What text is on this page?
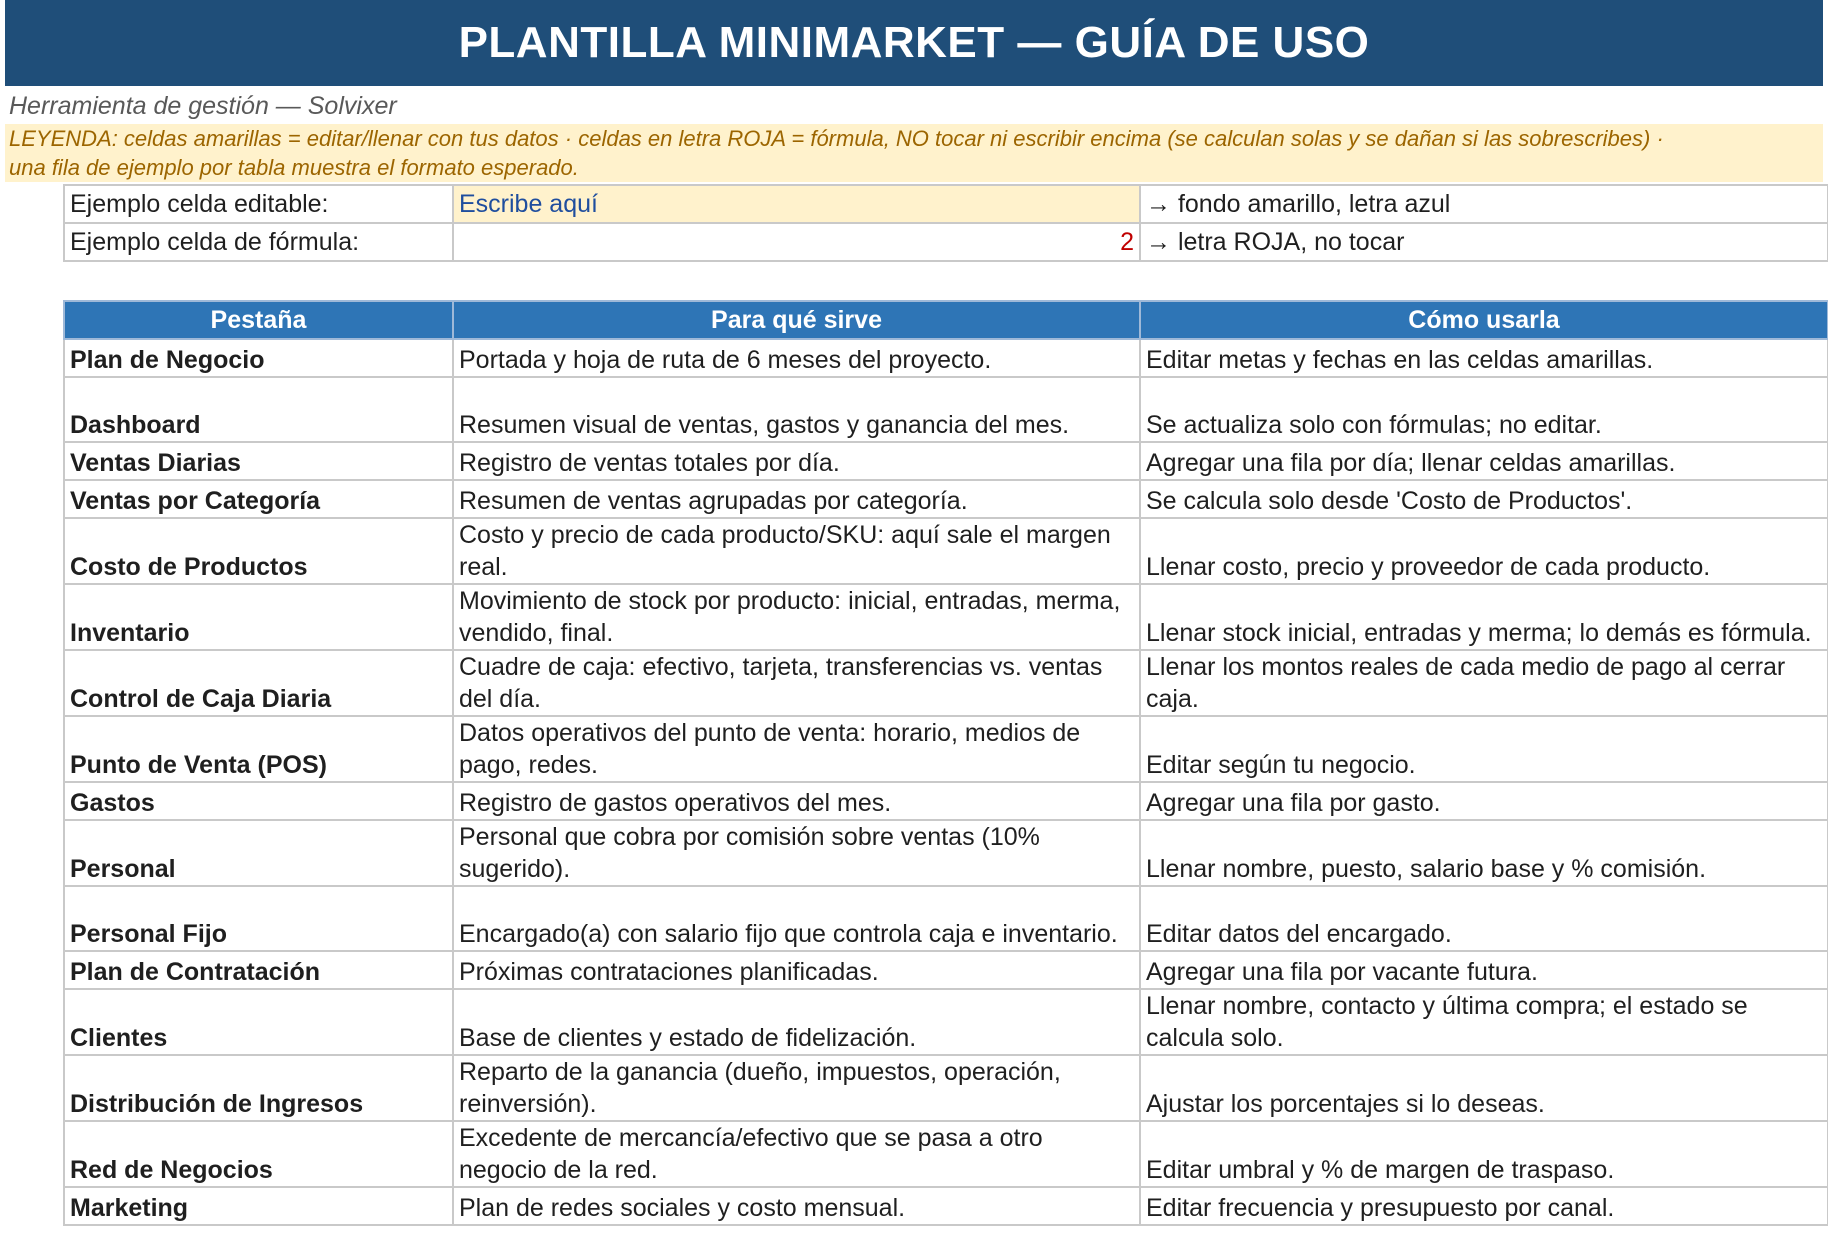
PLANTILLA MINIMARKET — GUÍA DE USO
Herramienta de gestión — Solvixer
LEYENDA: celdas amarillas = editar/llenar con tus datos · celdas en letra ROJA = fórmula, NO tocar ni escribir encima (se calculan solas y se dañan si las sobrescribes) ·
una fila de ejemplo por tabla muestra el formato esperado.
Ejemplo celda editable:	Escribe aquí	→ fondo amarillo, letra azul
Ejemplo celda de fórmula:	2	→ letra ROJA, no tocar
Pestaña	Para qué sirve	Cómo usarla
Plan de Negocio	Portada y hoja de ruta de 6 meses del proyecto.	Editar metas y fechas en las celdas amarillas.
Dashboard	Resumen visual de ventas, gastos y ganancia del mes.	Se actualiza solo con fórmulas; no editar.
Ventas Diarias	Registro de ventas totales por día.	Agregar una fila por día; llenar celdas amarillas.
Ventas por Categoría	Resumen de ventas agrupadas por categoría.	Se calcula solo desde 'Costo de Productos'.
Costo de Productos	Costo y precio de cada producto/SKU: aquí sale el margen real.	Llenar costo, precio y proveedor de cada producto.
Inventario	Movimiento de stock por producto: inicial, entradas, merma, vendido, final.	Llenar stock inicial, entradas y merma; lo demás es fórmula.
Control de Caja Diaria	Cuadre de caja: efectivo, tarjeta, transferencias vs. ventas del día.	Llenar los montos reales de cada medio de pago al cerrar caja.
Punto de Venta (POS)	Datos operativos del punto de venta: horario, medios de pago, redes.	Editar según tu negocio.
Gastos	Registro de gastos operativos del mes.	Agregar una fila por gasto.
Personal	Personal que cobra por comisión sobre ventas (10% sugerido).	Llenar nombre, puesto, salario base y % comisión.
Personal Fijo	Encargado(a) con salario fijo que controla caja e inventario.	Editar datos del encargado.
Plan de Contratación	Próximas contrataciones planificadas.	Agregar una fila por vacante futura.
Clientes	Base de clientes y estado de fidelización.	Llenar nombre, contacto y última compra; el estado se calcula solo.
Distribución de Ingresos	Reparto de la ganancia (dueño, impuestos, operación, reinversión).	Ajustar los porcentajes si lo deseas.
Red de Negocios	Excedente de mercancía/efectivo que se pasa a otro negocio de la red.	Editar umbral y % de margen de traspaso.
Marketing	Plan de redes sociales y costo mensual.	Editar frecuencia y presupuesto por canal.
